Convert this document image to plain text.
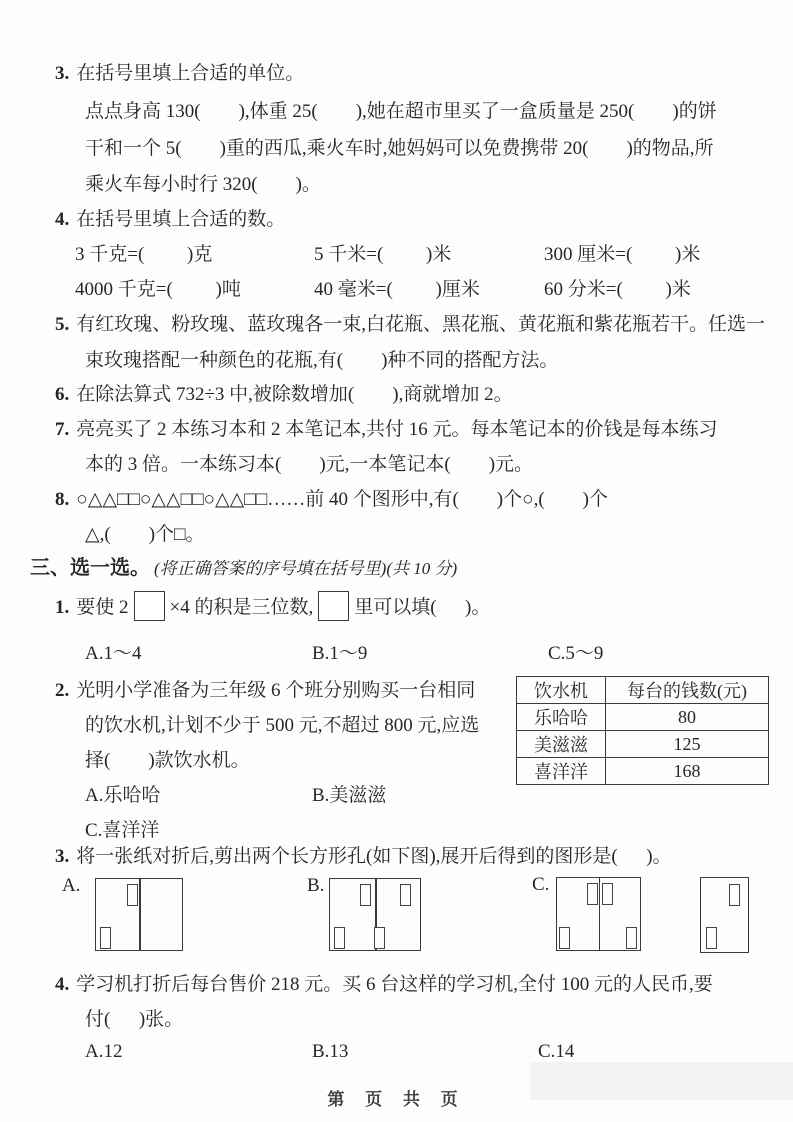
3. 在括号里填上合适的单位。
点点身高 130(        ),体重 25(        ),她在超市里买了一盒质量是 250(        )的饼
干和一个 5(        )重的西瓜,乘火车时,她妈妈可以免费携带 20(        )的物品,所
乘火车每小时行 320(        )。
4. 在括号里填上合适的数。
3 千克=(         )克	5 千米=(         )米	300 厘米=(         )米
4000 千克=(         )吨	40 毫米=(         )厘米	60 分米=(         )米
5. 有红玫瑰、粉玫瑰、蓝玫瑰各一束,白花瓶、黑花瓶、黄花瓶和紫花瓶若干。任选一
束玫瑰搭配一种颜色的花瓶,有(        )种不同的搭配方法。
6. 在除法算式 732÷3 中,被除数增加(        ),商就增加 2。
7. 亮亮买了 2 本练习本和 2 本笔记本,共付 16 元。每本笔记本的价钱是每本练习
本的 3 倍。一本练习本(        )元,一本笔记本(        )元。
8. ○△△□□○△△□□○△△□□……前 40 个图形中,有(        )个○,(        )个
△,(        )个□。
三、选一选。 (将正确答案的序号填在括号里)(共 10 分)
1. 要使 2 ×4 的积是三位数, 里可以填(      )。
A.1～4	B.1～9	C.5～9
2. 光明小学准备为三年级 6 个班分别购买一台相同
的饮水机,计划不少于 500 元,不超过 800 元,应选
择(        )款饮水机。
A.乐哈哈	B.美滋滋
C.喜洋洋
饮水机	每台的钱数(元)
乐哈哈	80
美滋滋	125
喜洋洋	168
3. 将一张纸对折后,剪出两个长方形孔(如下图),展开后得到的图形是(      )。
A.	B.	C.
4. 学习机打折后每台售价 218 元。买 6 台这样的学习机,全付 100 元的人民币,要
付(      )张。
A.12	B.13	C.14
第 页 共 页
